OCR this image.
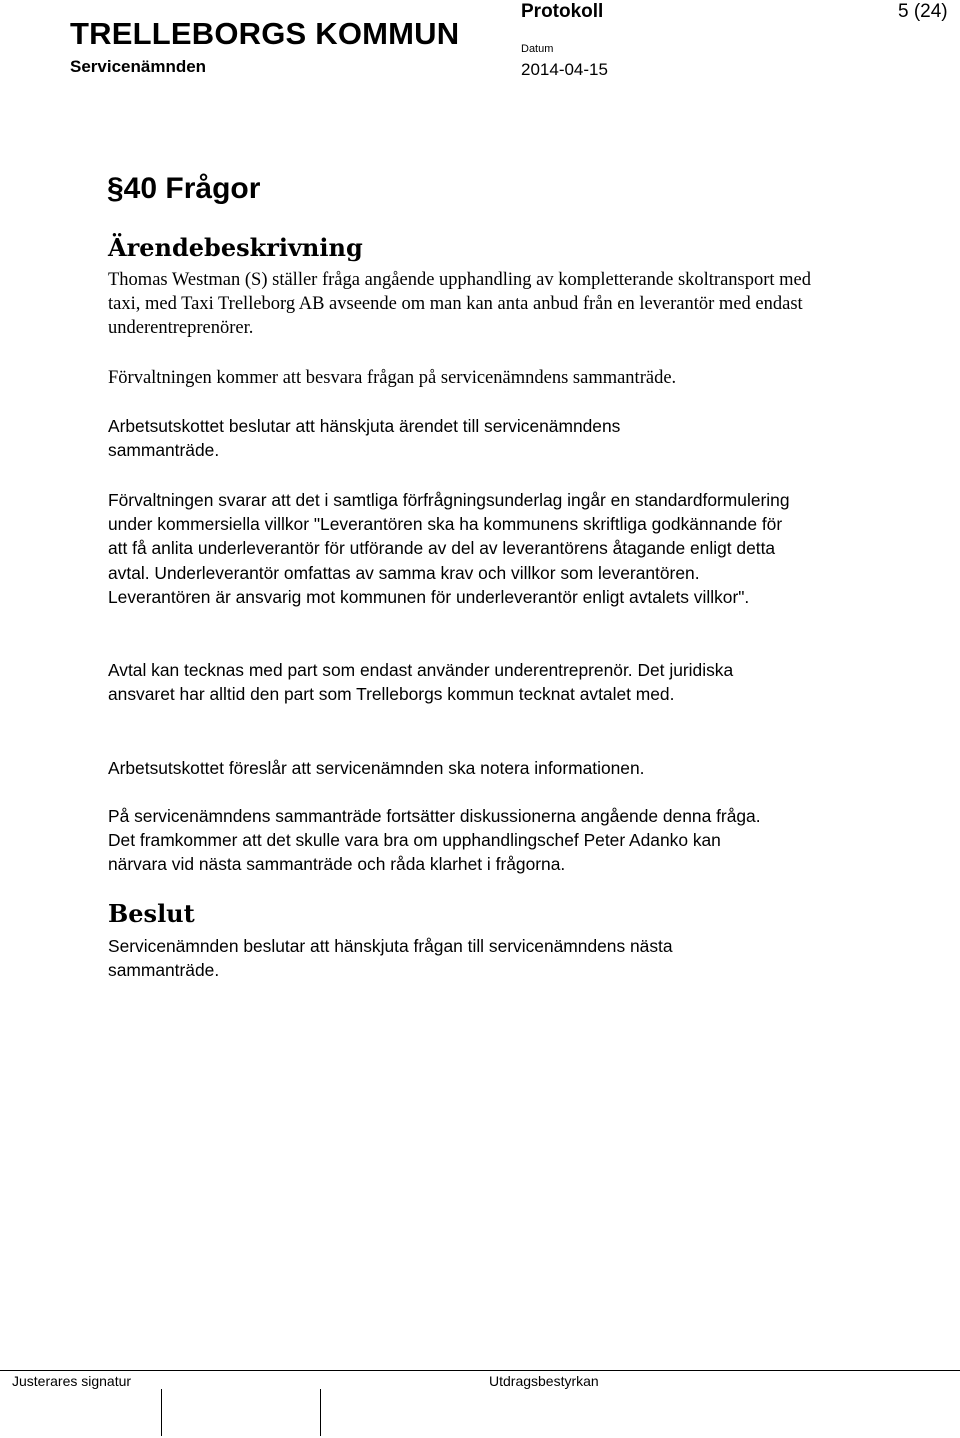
TRELLEBORGS KOMMUN
Servicenämnden
Protokoll	5 (24)
Datum
2014-04-15
§40 Frågor
Ärendebeskrivning

Thomas Westman (S) ställer fråga angående upphandling av kompletterande skoltransport med taxi, med Taxi Trelleborg AB avseende om man kan anta anbud från en leverantör med endast underentreprenörer.

Förvaltningen kommer att besvara frågan på servicenämndens sammanträde.

Arbetsutskottet beslutar att hänskjuta ärendet till servicenämndens sammanträde.

Förvaltningen svarar att det i samtliga förfrågningsunderlag ingår en standardformulering under kommersiella villkor "Leverantören ska ha kommunens skriftliga godkännande för att få anlita underleverantör för utförande av del av leverantörens åtagande enligt detta avtal. Underleverantör omfattas av samma krav och villkor som leverantören. Leverantören är ansvarig mot kommunen för underleverantör enligt avtalets villkor".

Avtal kan tecknas med part som endast använder underentreprenör. Det juridiska ansvaret har alltid den part som Trelleborgs kommun tecknat avtalet med.

Arbetsutskottet föreslår att servicenämnden ska notera informationen.

På servicenämndens sammanträde fortsätter diskussionerna angående denna fråga. Det framkommer att det skulle vara bra om upphandlingschef Peter Adanko kan närvara vid nästa sammanträde och råda klarhet i frågorna.

Beslut

Servicenämnden beslutar att hänskjuta frågan till servicenämndens nästa sammanträde.

Justerares signatur	Utdragsbestyrkan
